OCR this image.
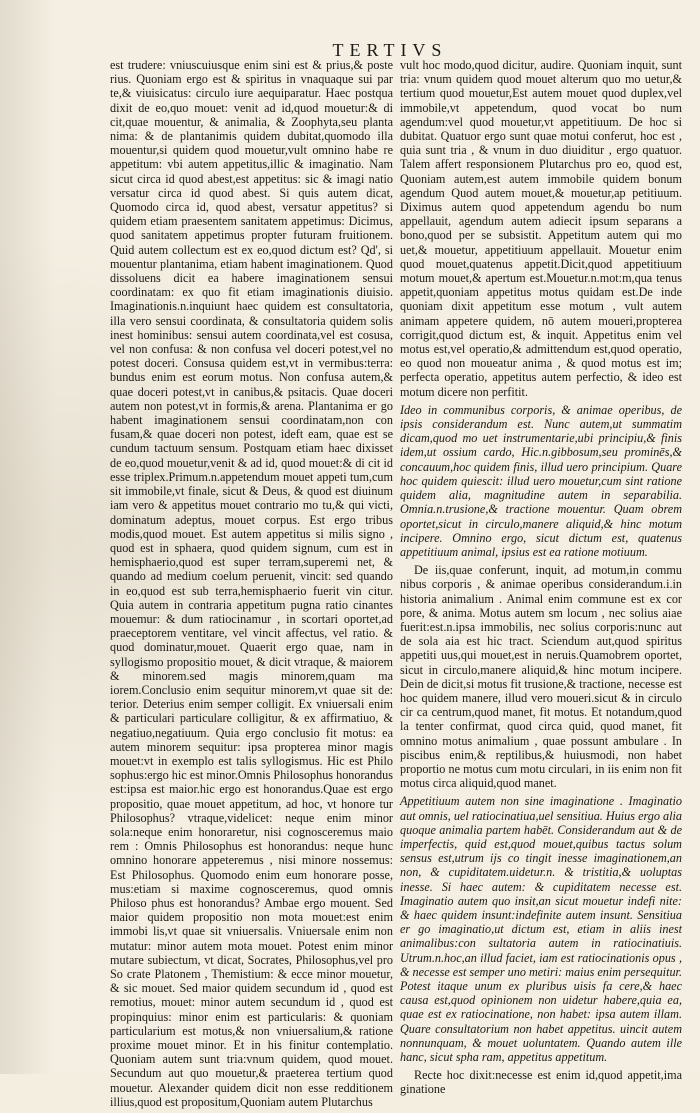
TERTIVS

est trudere: vniuscuiusque enim sini est & prius,& poste rius. Quoniam ergo est & spiritus in vnaquaque sui par te,& viuisicatus: circulo iure aequiparatur. Haec postqua dixit de eo,quo mouet: venit ad id,quod mouetur:& di cit,quae mouentur, & animalia, & Zoophyta,seu planta nima: & de plantanimis quidem dubitat,quomodo illa mouentur,si quidem quod mouetur,vult omnino habe re appetitum: vbi autem appetitus,illic & imaginatio. Nam sicut circa id quod abest,est appetitus: sic & imagi natio versatur circa id quod abest. Si quis autem dicat, Quomodo circa id, quod abest, versatur appetitus? si quidem etiam praesentem sanitatem appetimus: Dicimus, quod sanitatem appetimus propter futuram fruitionem. Quid autem collectum est ex eo,quod dictum est? Qd', si mouentur plantanima, etiam habent imaginationem. Quod dissoluens dicit ea habere imaginationem sensui coordinatam: ex quo fit etiam imaginationis diuisio. Imaginationis.n.inquiunt haec quidem est consultatoria, illa vero sensui coordinata, & consultatoria quidem solis inest hominibus: sensui autem coordinata,vel est cosusa, vel non confusa: & non confusa vel doceri potest,vel no potest doceri. Consusa quidem est,vt in vermibus:terra: bundus enim est eorum motus. Non confusa autem,& quae doceri potest,vt in canibus,& psitacis. Quae doceri autem non potest,vt in formis,& arena. Plantanima er go habent imaginationem sensui coordinatam,non con fusam,& quae doceri non potest, ideft eam, quae est se cundum tactuum sensum. Postquam etiam haec dixisset de eo,quod mouetur,venit & ad id, quod mouet:& di cit id esse triplex.Primum.n.appetendum mouet appeti tum,cum sit immobile,vt finale, sicut & Deus, & quod est diuinum iam vero & appetitus mouet contrario mo tu,& qui victi, dominatum adeptus, mouet corpus. Est ergo tribus modis,quod mouet. Est autem appetitus si milis signo , quod est in sphaera, quod quidem signum, cum est in hemisphaerio,quod est super terram,superemi net, & quando ad medium coelum peruenit, vincit: sed quando in eo,quod est sub terra,hemisphaerio fuerit vin citur. Quia autem in contraria appetitum pugna ratio cinantes mouemur: & dum ratiocinamur , in scortari oportet,ad praeceptorem ventitare, vel vincit affectus, vel ratio. & quod dominatur,mouet. Quaerit ergo quae, nam in syllogismo propositio mouet, & dicit vtraque, & maiorem & minorem.sed magis minorem,quam ma iorem.Conclusio enim sequitur minorem,vt quae sit de: terior. Deterius enim semper colligit. Ex vniuersali enim & particulari particulare colligitur, & ex affirmatiuo, & negatiuo,negatiuum. Quia ergo conclusio fit motus: ea autem minorem sequitur: ipsa propterea minor magis mouet:vt in exemplo est talis syllogismus. Hic est Philo sophus:ergo hic est minor.Omnis Philosophus honorandus est:ipsa est maior.hic ergo est honorandus.Quae est ergo propositio, quae mouet appetitum, ad hoc, vt honore tur Philosophus? vtraque,videlicet: neque enim minor sola:neque enim honoraretur, nisi cognosceremus maio rem : Omnis Philosophus est honorandus: neque hunc omnino honorare appeteremus , nisi minore nossemus: Est Philosophus. Quomodo enim eum honorare posse, mus:etiam si maxime cognosceremus, quod omnis Philoso phus est honorandus? Ambae ergo mouent. Sed maior quidem propositio non mota mouet:est enim immobi lis,vt quae sit vniuersalis. Vniuersale enim non mutatur: minor autem mota mouet. Potest enim minor mutare subiectum, vt dicat, Socrates, Philosophus,vel pro So crate Platonem , Themistium: & ecce minor mouetur, & sic mouet. Sed maior quidem secundum id , quod est remotius, mouet: minor autem secundum id , quod est propinquius: minor enim est particularis: & quoniam particularium est motus,& non vniuersalium,& ratione proxime mouet minor. Et in his finitur contemplatio. Quoniam autem sunt tria:vnum quidem, quod mouet. Secundum aut quo mouetur,& praeterea tertium quod mouetur. Alexander quidem dicit non esse redditionem illius,quod est propositum,Quoniam autem Plutarchus

vult hoc modo,quod dicitur, audire. Quoniam inquit, sunt tria: vnum quidem quod mouet alterum quo mo uetur,& tertium quod mouetur,Est autem mouet quod duplex,vel immobile,vt appetendum, quod vocat bo num agendum:vel quod mouetur,vt appetitiuum. De hoc si dubitat. Quatuor ergo sunt quae motui conferut, hoc est , quia sunt tria , & vnum in duo diuiditur , ergo quatuor. Talem affert responsionem Plutarchus pro eo, quod est, Quoniam autem,est autem immobile quidem bonum agendum Quod autem mouet,& mouetur,ap petitiuum. Diximus autem quod appetendum agendu bo num appellauit, agendum autem adiecit ipsum separans a bono,quod per se subsistit. Appetitum autem qui mo uet,& mouetur, appetitiuum appellauit. Mouetur enim quod mouet,quatenus appetit.Dicit,quod appetitiuum motum mouet,& apertum est.Mouetur.n.mot:m,qua tenus appetit,quoniam appetitus motus quidam est.De inde quoniam dixit appetitum esse motum , vult autem animam appetere quidem, nō autem moueri,propterea corrigit,quod dictum est, & inquit. Appetitus enim vel motus est,vel operatio,& admittendum est,quod operatio, eo quod non moueatur anima , & quod motus est im; perfecta operatio, appetitus autem perfectio, & ideo est motum dicere non perfitit.

Ideo in communibus corporis, & animae operibus, de ipsis considerandum est. Nunc autem,ut summatim dicam,quod mo uet instrumentarie,ubi principiu,& finis idem,ut ossium cardo, Hic.n.gibbosum,seu prominēs,& concauum,hoc quidem finis, illud uero principium. Quare hoc quidem quiescit: illud uero mouetur,cum sint ratione quidem alia, magnitudine autem in separabilia. Omnia.n.trusione,& tractione mouentur. Quam obrem oportet,sicut in circulo,manere aliquid,& hinc motum incipere. Omnino ergo, sicut dictum est, quatenus appetitiuum animal, ipsius est ea ratione motiuum.

De iis,quae conferunt, inquit, ad motum,in commu nibus corporis , & animae operibus considerandum.i.in historia animalium . Animal enim commune est ex cor pore, & anima. Motus autem sm locum , nec solius aiae fuerit:est.n.ipsa immobilis, nec solius corporis:nunc aut de sola aia est hic tract. Sciendum aut,quod spiritus appetiti uus,qui mouet,est in neruis.Quamobrem oportet, sicut in circulo,manere aliquid,& hinc motum incipere. Dein de dicit,si motus fit trusione,& tractione, necesse est hoc quidem manere, illud vero moueri.sicut & in circulo cir ca centrum,quod manet, fit motus. Et notandum,quod la tenter confirmat, quod circa quid, quod manet, fit omnino motus animalium , quae possunt ambulare . In piscibus enim,& reptilibus,& huiusmodi, non habet proportio ne motus cum motu circulari, in iis enim non fit motus circa aliquid,quod manet.

Appetitiuum autem non sine imaginatione . Imaginatio aut omnis, uel ratiocinatiua,uel sensitiua. Huius ergo alia quoque animalia partem habēt. Considerandum aut & de imperfectis, quid est,quod mouet,quibus tactus solum sensus est,utrum ijs co tingit inesse imaginationem,an non, & cupiditatem.uidetur.n. & tristitia,& uoluptas inesse. Si haec autem: & cupiditatem necesse est. Imaginatio autem quo insit,an sicut mouetur indefi nite: & haec quidem insunt:indefinite autem insunt. Sensitiua er go imaginatio,ut dictum est, etiam in aliis inest animalibus:con sultatoria autem in ratiocinatiuis. Utrum.n.hoc,an illud faciet, iam est ratiocinationis opus , & necesse est semper uno metiri: maius enim persequitur. Potest itaque unum ex pluribus uisis fa cere,& haec causa est,quod opinionem non uidetur habere,quia ea, quae est ex ratiocinatione, non habet: ipsa autem illam. Quare consultatorium non habet appetitus. uincit autem nonnunquam, & mouet uoluntatem. Quando autem ille hanc, sicut spha ram, appetitus appetitum.

Recte hoc dixit:necesse est enim id,quod appetit,ima ginatione
